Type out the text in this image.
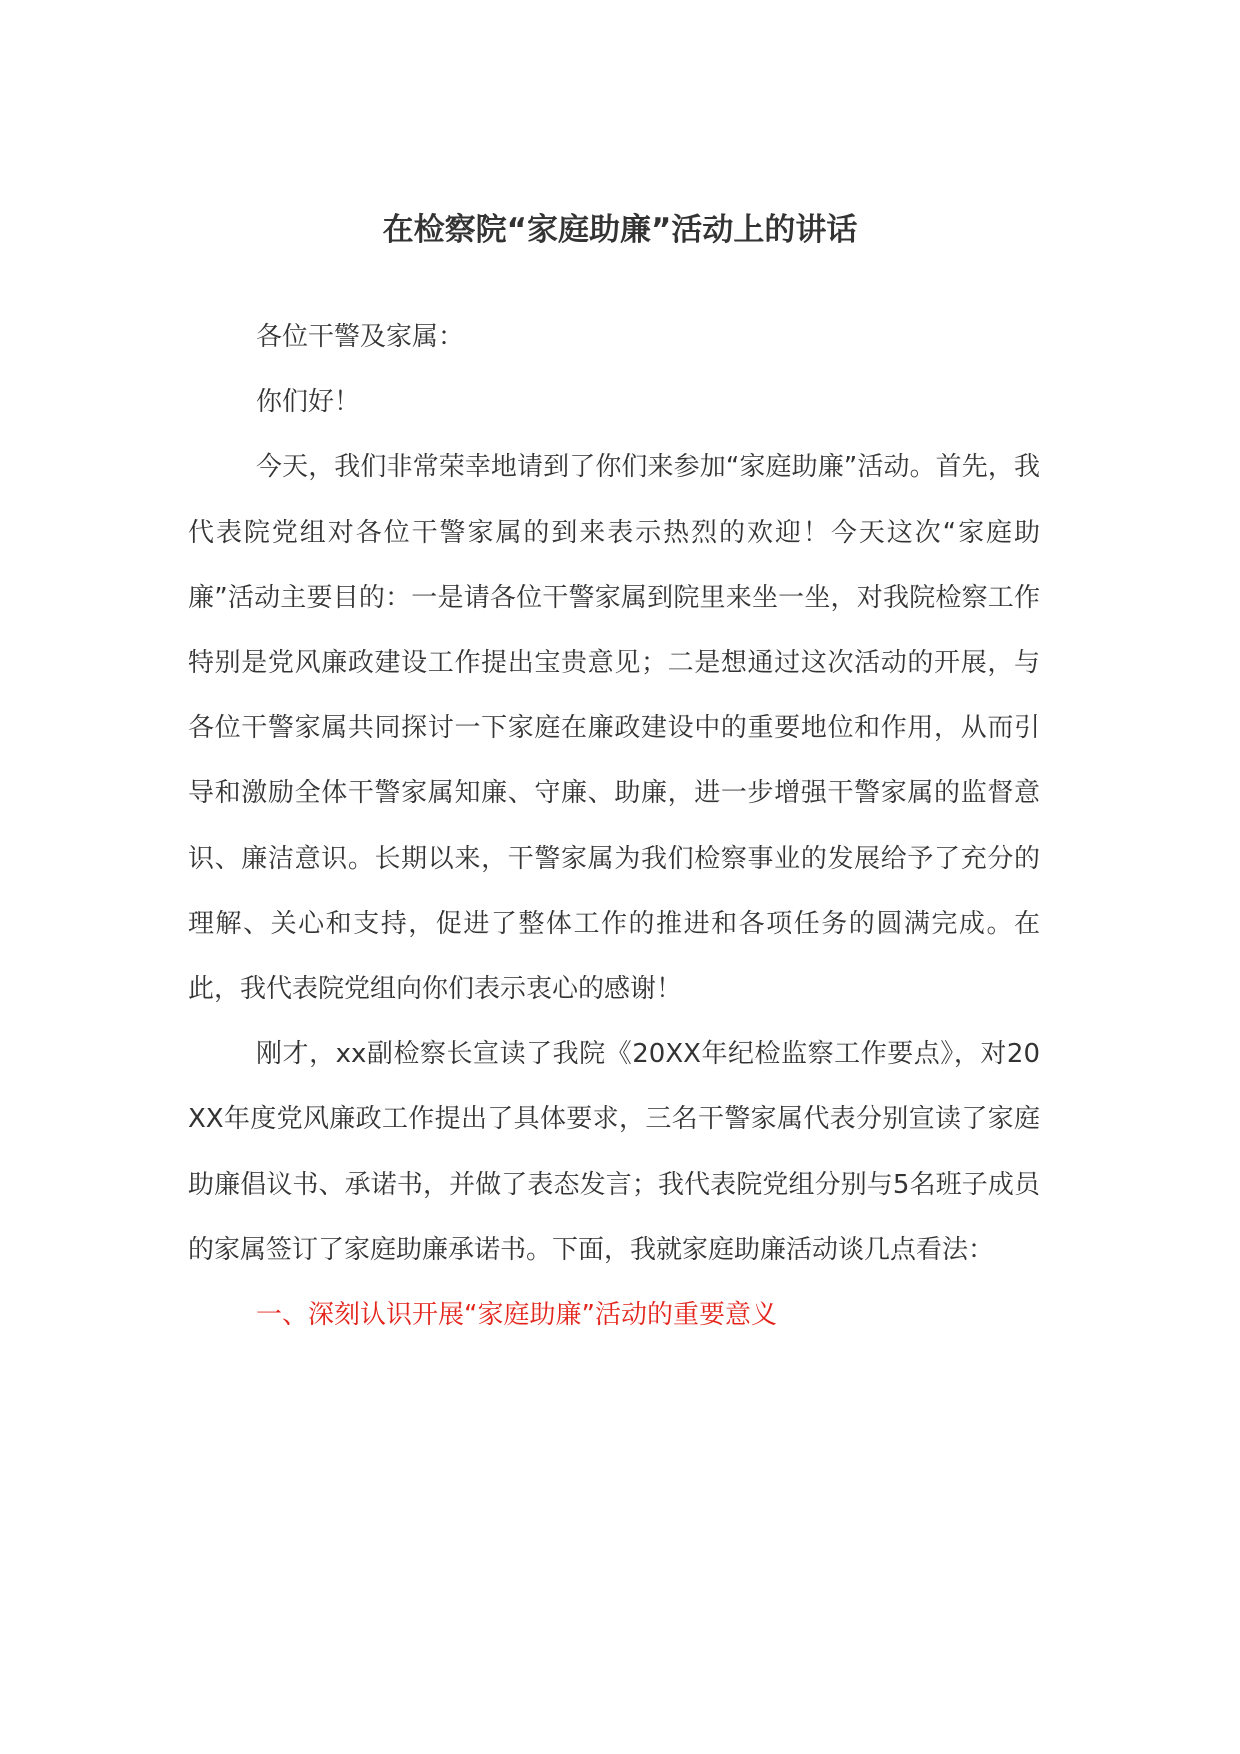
在检察院“家庭助廉”活动上的讲话

各位干警及家属：

你们好！

今天，我们非常荣幸地请到了你们来参加“家庭助廉”活动。首先，我代表院党组对各位干警家属的到来表示热烈的欢迎！今天这次“家庭助廉”活动主要目的：一是请各位干警家属到院里来坐一坐，对我院检察工作特别是党风廉政建设工作提出宝贵意见；二是想通过这次活动的开展，与各位干警家属共同探讨一下家庭在廉政建设中的重要地位和作用，从而引导和激励全体干警家属知廉、守廉、助廉，进一步增强干警家属的监督意识、廉洁意识。长期以来，干警家属为我们检察事业的发展给予了充分的理解、关心和支持，促进了整体工作的推进和各项任务的圆满完成。在此，我代表院党组向你们表示衷心的感谢！

刚才，xx副检察长宣读了我院《20XX年纪检监察工作要点》，对20XX年度党风廉政工作提出了具体要求，三名干警家属代表分别宣读了家庭助廉倡议书、承诺书，并做了表态发言；我代表院党组分别与5名班子成员的家属签订了家庭助廉承诺书。下面，我就家庭助廉活动谈几点看法：

一、深刻认识开展“家庭助廉”活动的重要意义
